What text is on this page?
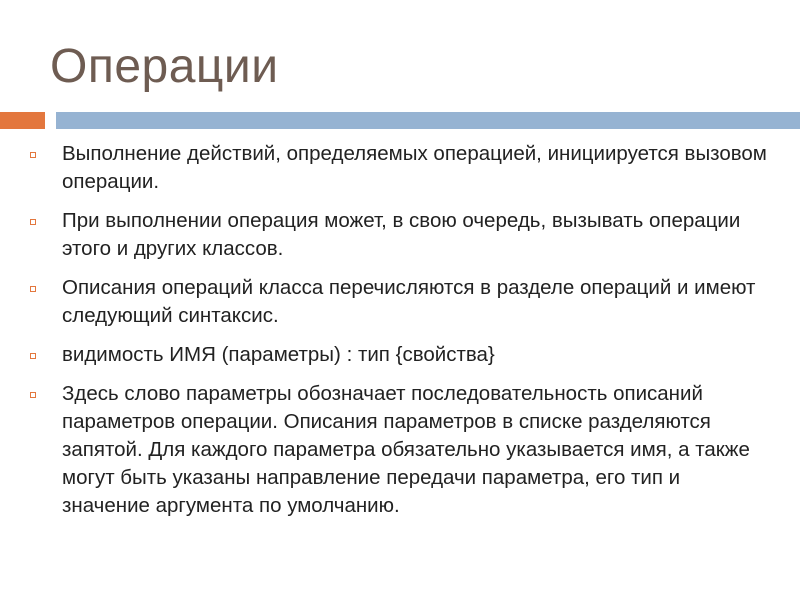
Операции
Выполнение действий, определяемых операцией, инициируется вызовом операции.
При выполнении операция может, в свою очередь, вызывать операции этого и других классов.
Описания операций класса перечисляются в разделе операций и имеют следующий синтаксис.
видимость ИМЯ (параметры) : тип {свойства}
Здесь слово параметры обозначает последовательность описаний параметров операции. Описания параметров в списке разделяются запятой. Для каждого параметра обязательно указывается имя, а также могут быть указаны направление передачи параметра, его тип и значение аргумента по умолчанию.
